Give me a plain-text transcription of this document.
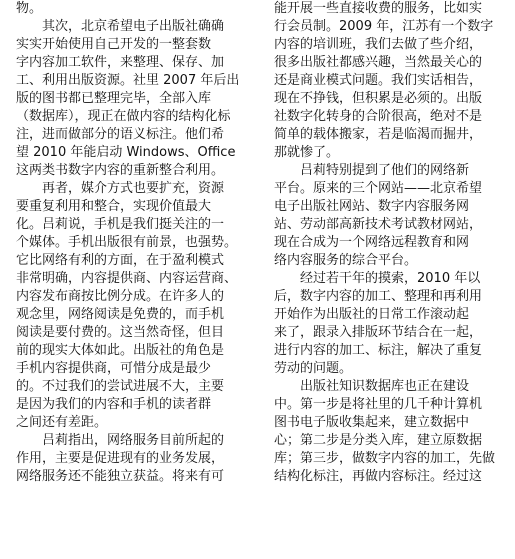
物。
其次，北京希望电子出版社确确
实实开始使用自己开发的一整套数
字内容加工软件，来整理、保存、加
工、利用出版资源。社里 2007 年后出
版的图书都已整理完毕，全部入库
（数据库），现正在做内容的结构化标
注，进而做部分的语义标注。他们希
望 2010 年能启动 Windows、Office
这两类书数字内容的重新整合利用。
再者，媒介方式也要扩充，资源
要重复利用和整合，实现价值最大
化。吕莉说，手机是我们挺关注的一
个媒体。手机出版很有前景，也强势。
它比网络有利的方面，在于盈利模式
非常明确，内容提供商、内容运营商、
内容发布商按比例分成。在许多人的
观念里，网络阅读是免费的，而手机
阅读是要付费的。这当然奇怪，但目
前的现实大体如此。出版社的角色是
手机内容提供商，可惜分成是最少
的。不过我们的尝试进展不大，主要
是因为我们的内容和手机的读者群
之间还有差距。
吕莉指出，网络服务目前所起的
作用，主要是促进现有的业务发展，
网络服务还不能独立获益。将来有可
能开展一些直接收费的服务，比如实
行会员制。2009 年，江苏有一个数字
内容的培训班，我们去做了些介绍，
很多出版社都感兴趣，当然最关心的
还是商业模式问题。我们实话相告，
现在不挣钱，但积累是必须的。出版
社数字化转身的合阶很高，绝对不是
简单的载体搬家，若是临渴而掘井，
那就惨了。
吕莉特别提到了他们的网络新
平台。原来的三个网站——北京希望
电子出版社网站、数字内容服务网
站、劳动部高新技术考试教材网站，
现在合成为一个网络远程教育和网
络内容服务的综合平台。
经过若干年的摸索，2010 年以
后，数字内容的加工、整理和再利用
开始作为出版社的日常工作滚动起
来了，跟录入排版环节结合在一起，
进行内容的加工、标注，解决了重复
劳动的问题。
出版社知识数据库也正在建设
中。第一步是将社里的几千种计算机
图书电子版收集起来，建立数据中
心；第二步是分类入库，建立原数据
库；第三步，做数字内容的加工，先做
结构化标注，再做内容标注。经过这
